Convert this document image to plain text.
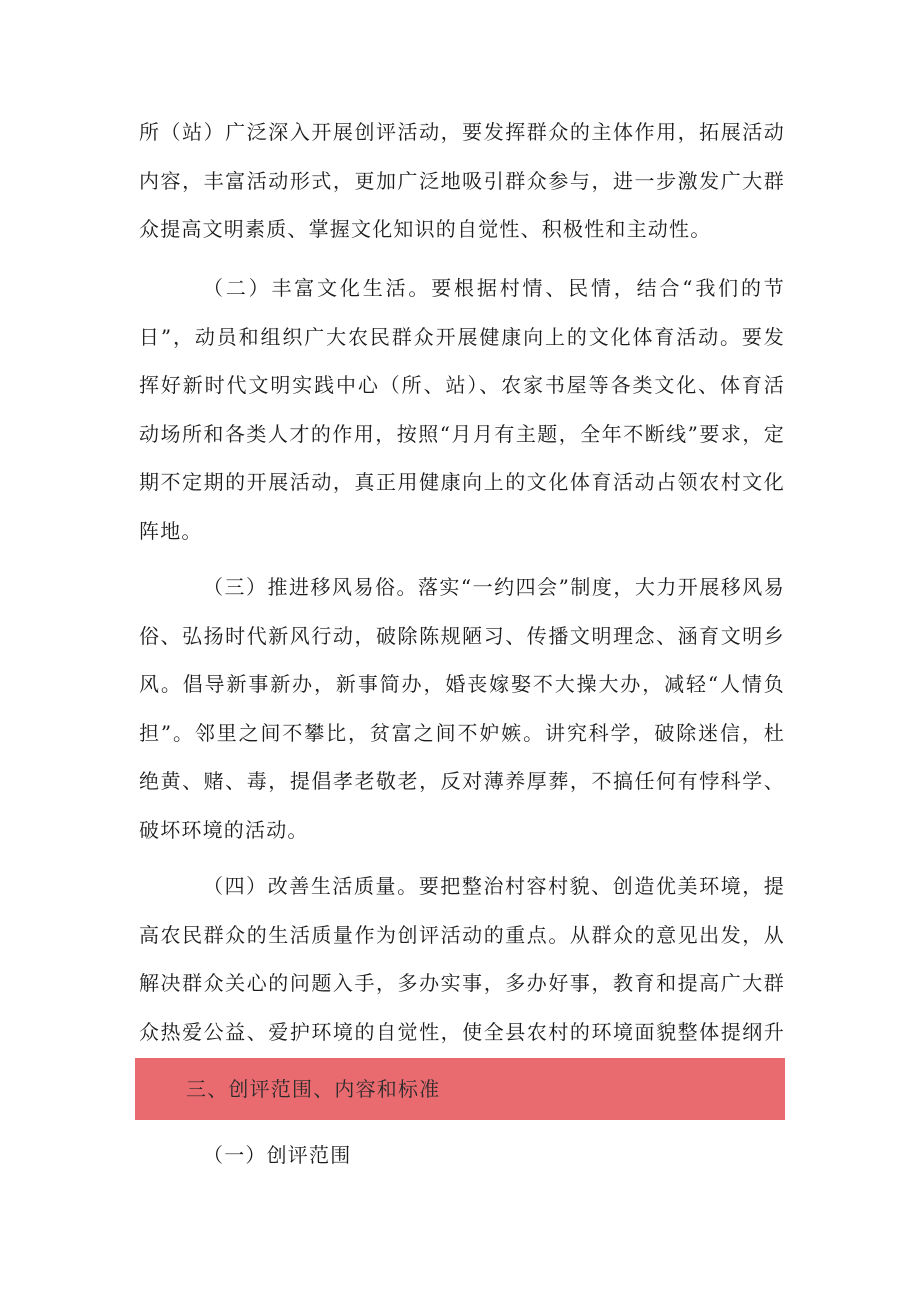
所（站）广泛深入开展创评活动，要发挥群众的主体作用，拓展活动内容，丰富活动形式，更加广泛地吸引群众参与，进一步激发广大群众提高文明素质、掌握文化知识的自觉性、积极性和主动性。

（二）丰富文化生活。要根据村情、民情，结合“我们的节日”，动员和组织广大农民群众开展健康向上的文化体育活动。要发挥好新时代文明实践中心（所、站）、农家书屋等各类文化、体育活动场所和各类人才的作用，按照“月月有主题，全年不断线”要求，定期不定期的开展活动，真正用健康向上的文化体育活动占领农村文化阵地。

（三）推进移风易俗。落实“一约四会”制度，大力开展移风易俗、弘扬时代新风行动，破除陈规陋习、传播文明理念、涵育文明乡风。倡导新事新办，新事简办，婚丧嫁娶不大操大办，减轻“人情负担”。邻里之间不攀比，贫富之间不妒嫉。讲究科学，破除迷信，杜绝黄、赌、毒，提倡孝老敬老，反对薄养厚葬，不搞任何有悖科学、破坏环境的活动。

（四）改善生活质量。要把整治村容村貌、创造优美环境，提高农民群众的生活质量作为创评活动的重点。从群众的意见出发，从解决群众关心的问题入手，多办实事，多办好事，教育和提高广大群众热爱公益、爱护环境的自觉性，使全县农村的环境面貌整体提纲升

三、创评范围、内容和标准
（一）创评范围
